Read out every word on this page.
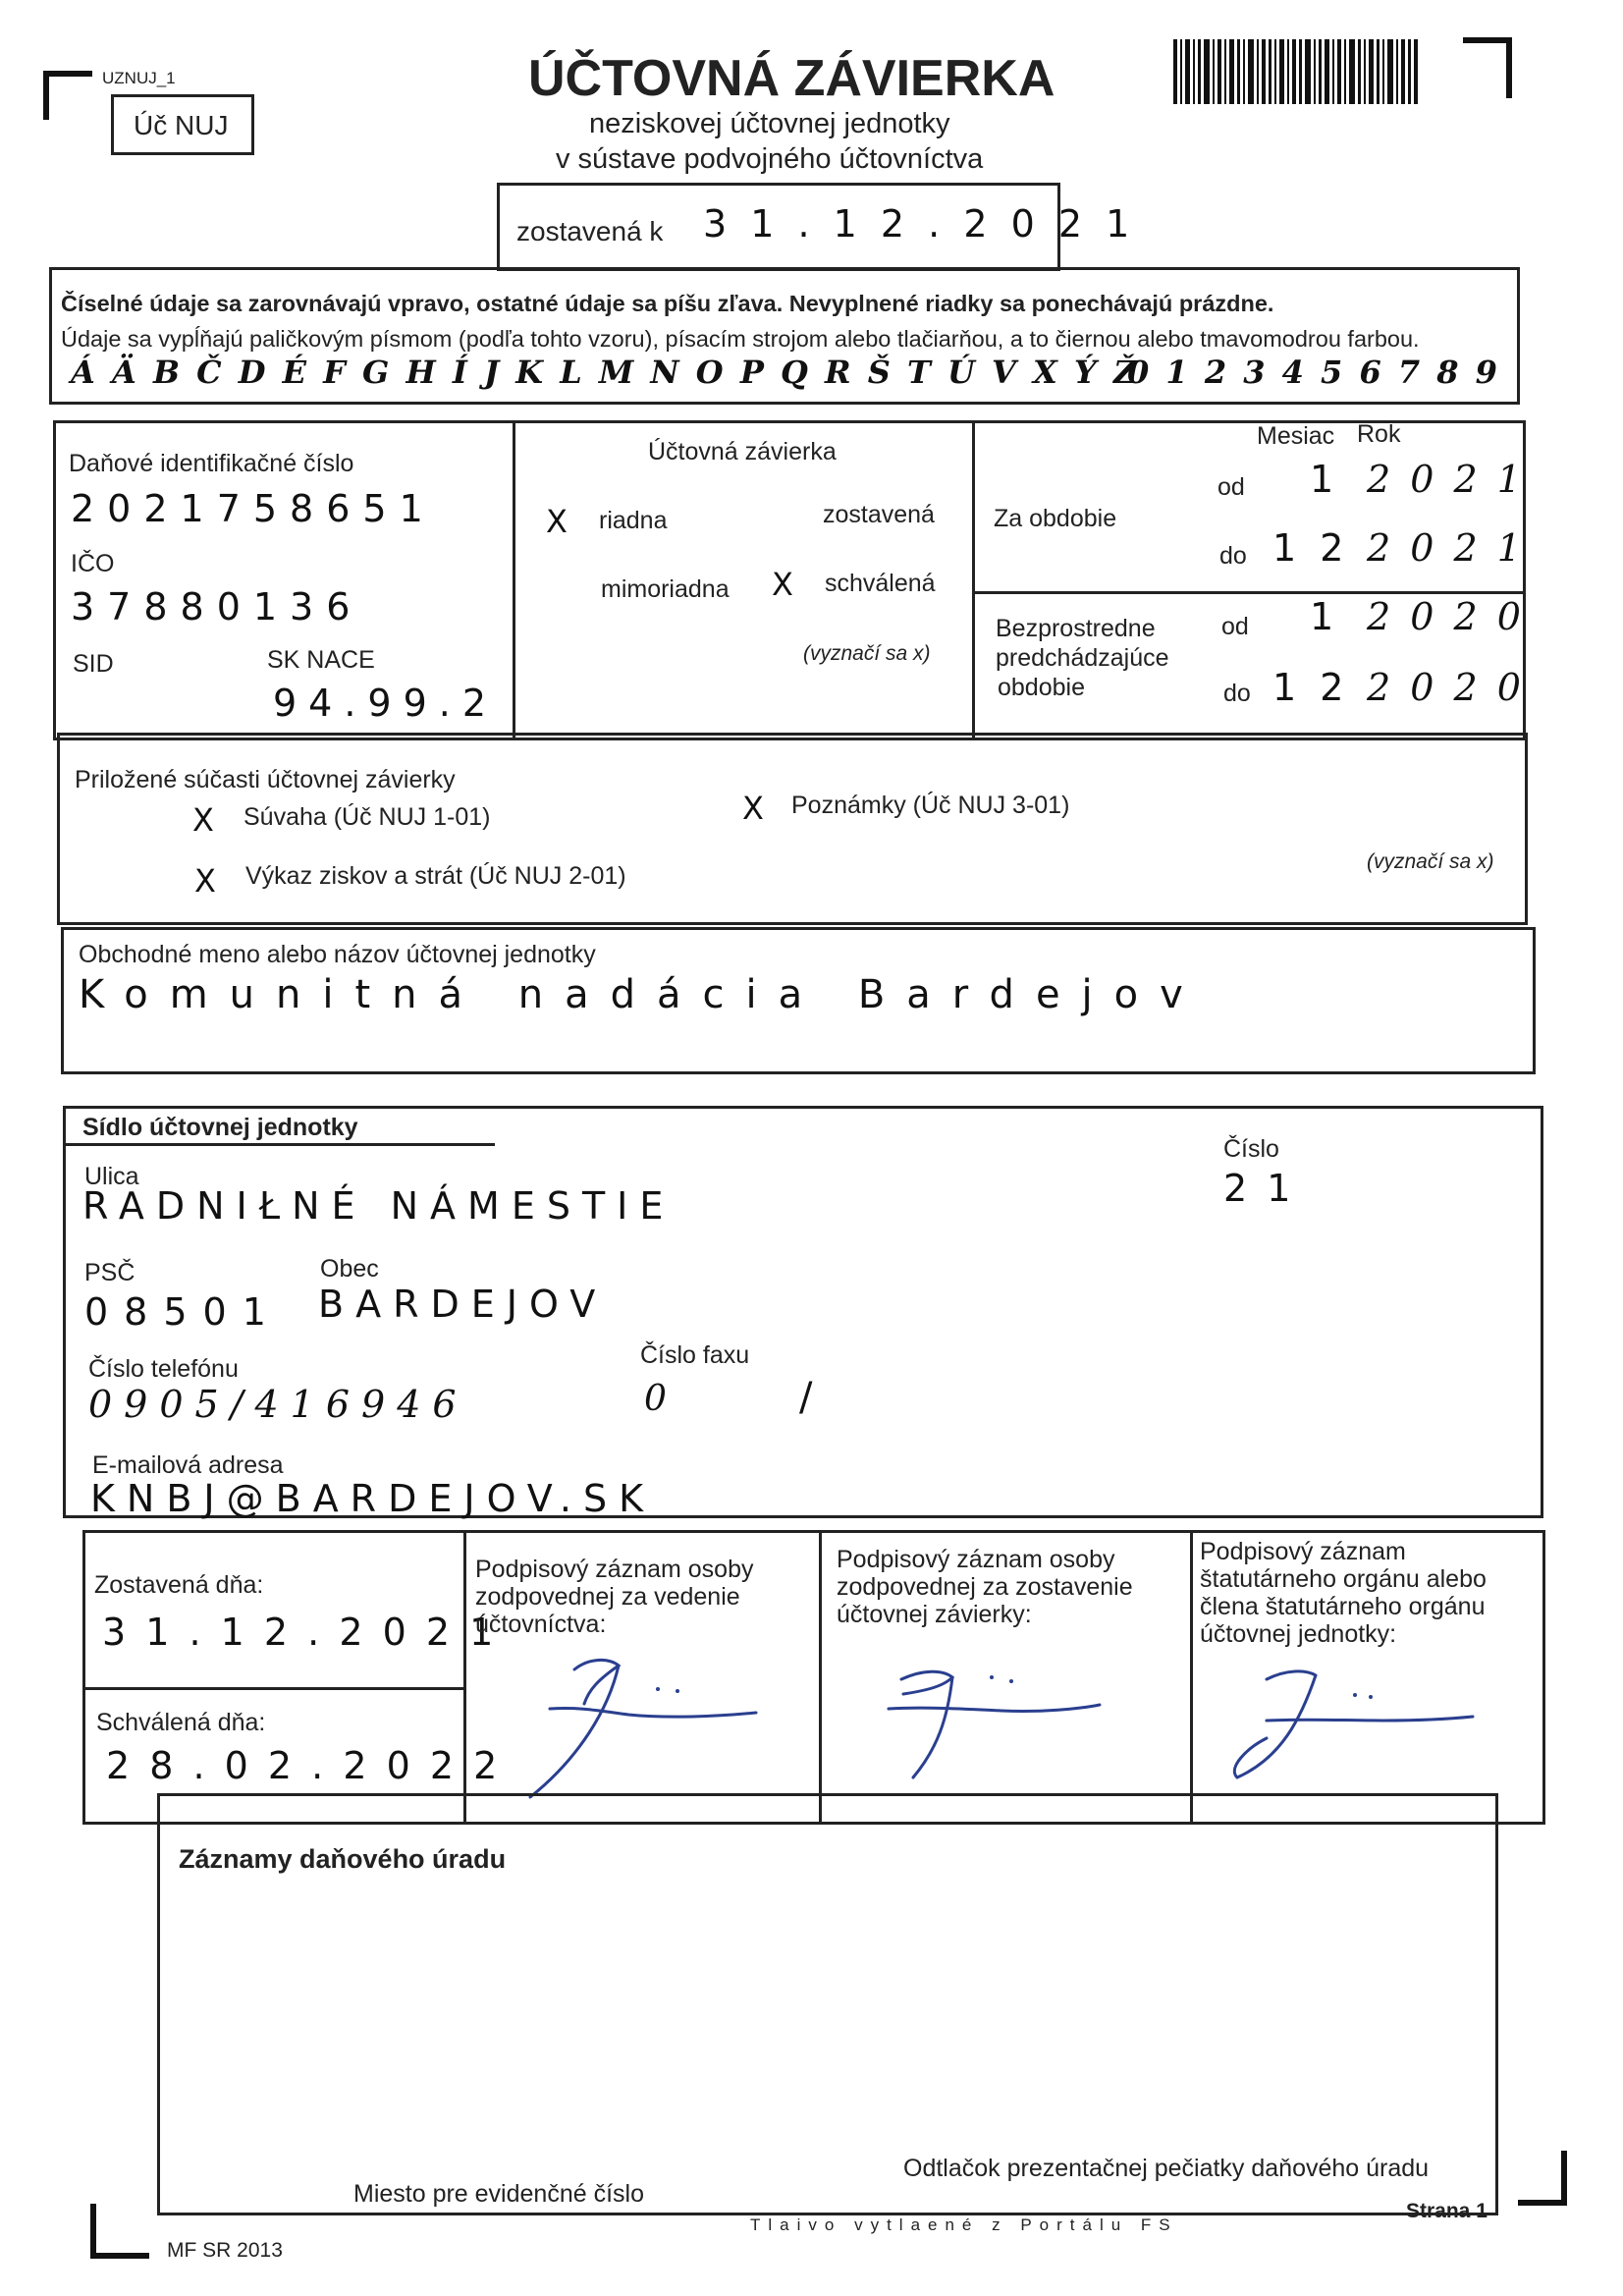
UZNUJ_1
Úč NUJ
ÚČTOVNÁ ZÁVIERKA
neziskovej účtovnej jednotky
v sústave podvojného účtovníctva
zostavená k 3 1 . 1 2 . 2 0 2 1
Číselné údaje sa zarovnávajú vpravo, ostatné údaje sa píšu zľava. Nevyplnené riadky sa ponechávajú prázdne.
Údaje sa vypĺňajú paličkovým písmom (podľa tohto vzoru), písacím strojom alebo tlačiarňou, a to čiernou alebo tmavomodrou farbou.
Á Ä B Č D É F G H Í J K L M N O P Q R Š T Ú V X Ý Ž
0 1 2 3 4 5 6 7 8 9
Daňové identifikačné číslo
2021758651
IČO
37880136
SID	SK NACE
94.99.2
Účtovná závierka
X riadna	zostavená
mimoriadna X schválená
(vyznačí sa x)
Mesiac Rok
Za obdobie
od 1 2 0 2 1
do 1 2 2 0 2 1
Bezprostredne
predchádzajúce
obdobie
od 1 2 0 2 0
do 1 2 2 0 2 0
Priložené súčasti účtovnej závierky
X Súvaha (Úč NUJ 1-01)
X Výkaz ziskov a strát (Úč NUJ 2-01)
X Poznámky (Úč NUJ 3-01)
(vyznačí sa x)
Obchodné meno alebo názov účtovnej jednotky
Komunitná nadácia Bardejov
Sídlo účtovnej jednotky
Ulica
RADNIŁNÉ NÁMESTIE
Číslo
2 1
PSČ
08501
Obec
BARDEJOV
Číslo telefónu
0905/416946
Číslo faxu
0	/
E-mailová adresa
KNBJ@BARDEJOV.SK
Zostavená dňa:
3 1 . 1 2 . 2 0 2 1
Schválená dňa:
2 8 . 0 2 . 2 0 2 2
Podpisový záznam osoby
zodpovednej za vedenie
účtovníctva:
Podpisový záznam osoby
zodpovednej za zostavenie
účtovnej závierky:
Podpisový záznam
štatutárneho orgánu alebo
člena štatutárneho orgánu
účtovnej jednotky:
Záznamy daňového úradu
Miesto pre evidenčné číslo
Odtlačok prezentačnej pečiatky daňového úradu
MF SR 2013
Tlaivo vytlaené z Portálu FS
Strana 1
